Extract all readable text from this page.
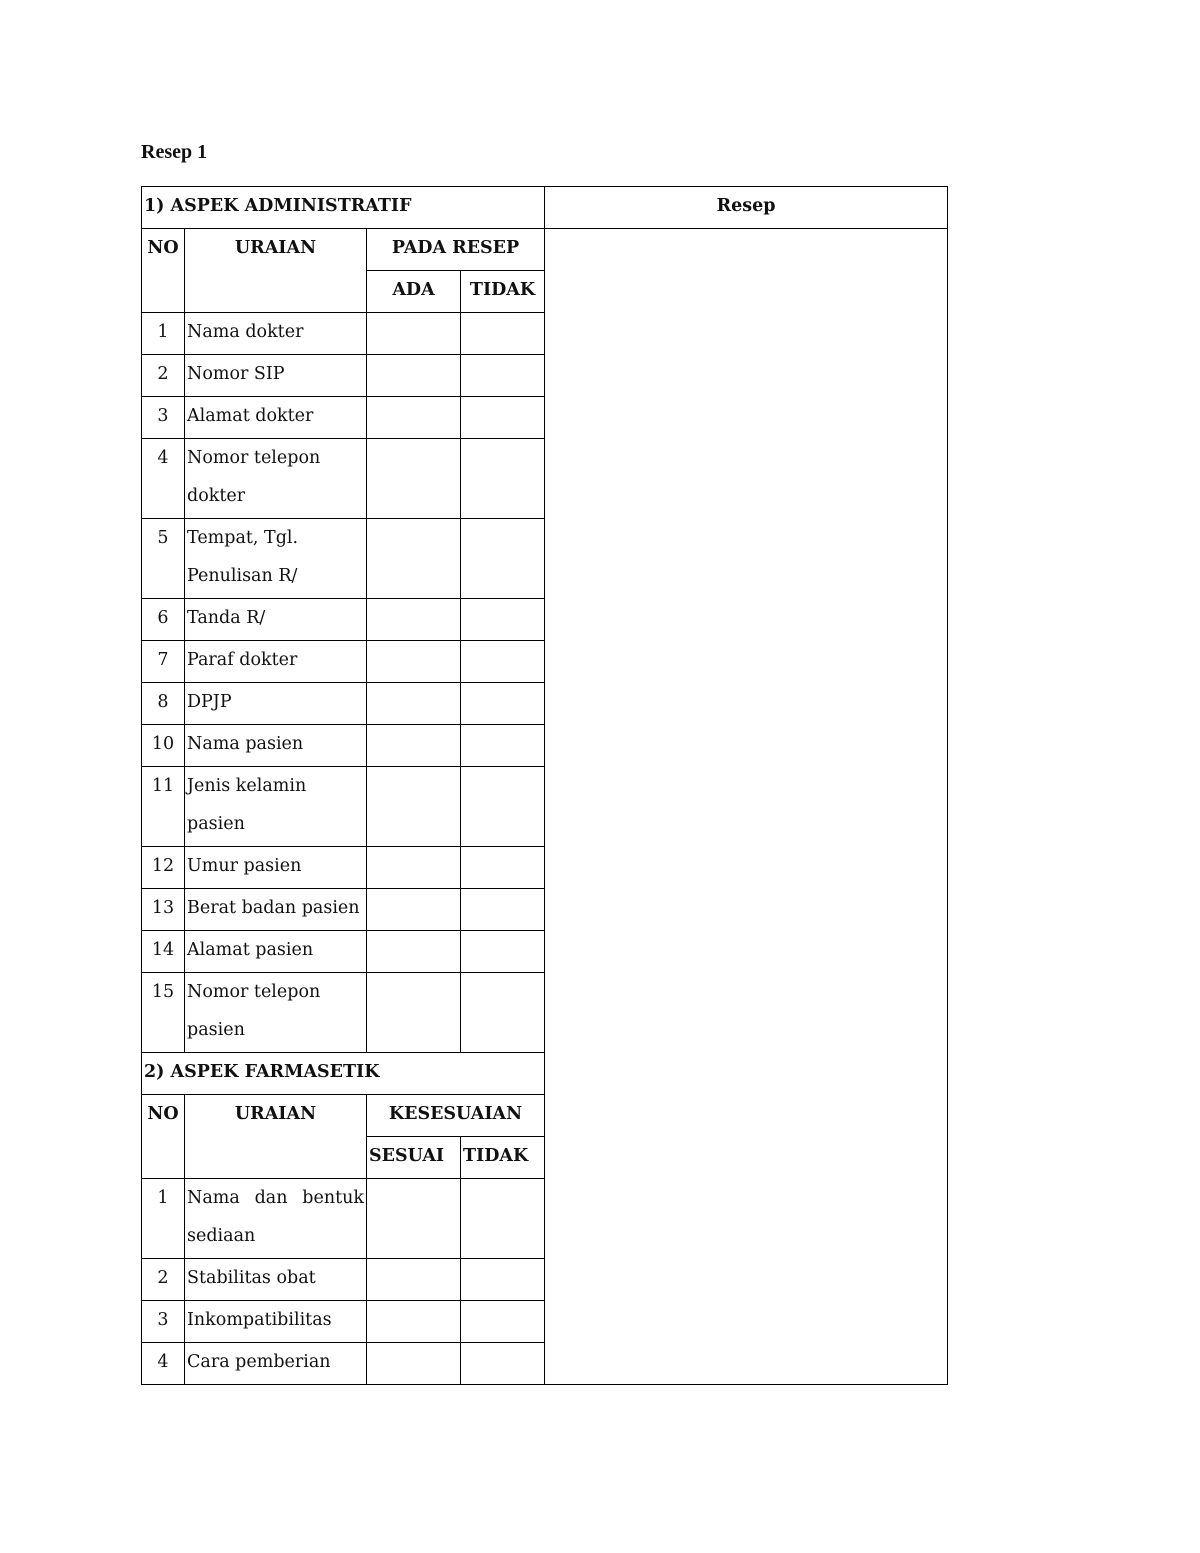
Resep 1
1) ASPEK ADMINISTRATIF				Resep
NO	URAIAN	PADA RESEP		
		ADA	TIDAK	
1	Nama dokter			

2	Nomor SIP			

3	Alamat dokter			

4	Nomor telepon
dokter			

5	Tempat, Tgl.
Penulisan R/			

6	Tanda R/			

7	Paraf dokter			

8	DPJP			

10	Nama pasien			

11	Jenis kelamin
pasien			

12	Umur pasien			

13	Berat badan pasien			

14	Alamat pasien			

15	Nomor telepon
pasien			

2) ASPEK FARMASETIK				
NO	URAIAN	KESESUAIAN		
		SESUAI	TIDAK	
1	Nama dan bentuk
sediaan			

2	Stabilitas obat			

3	Inkompatibilitas			

4	Cara pemberian			
